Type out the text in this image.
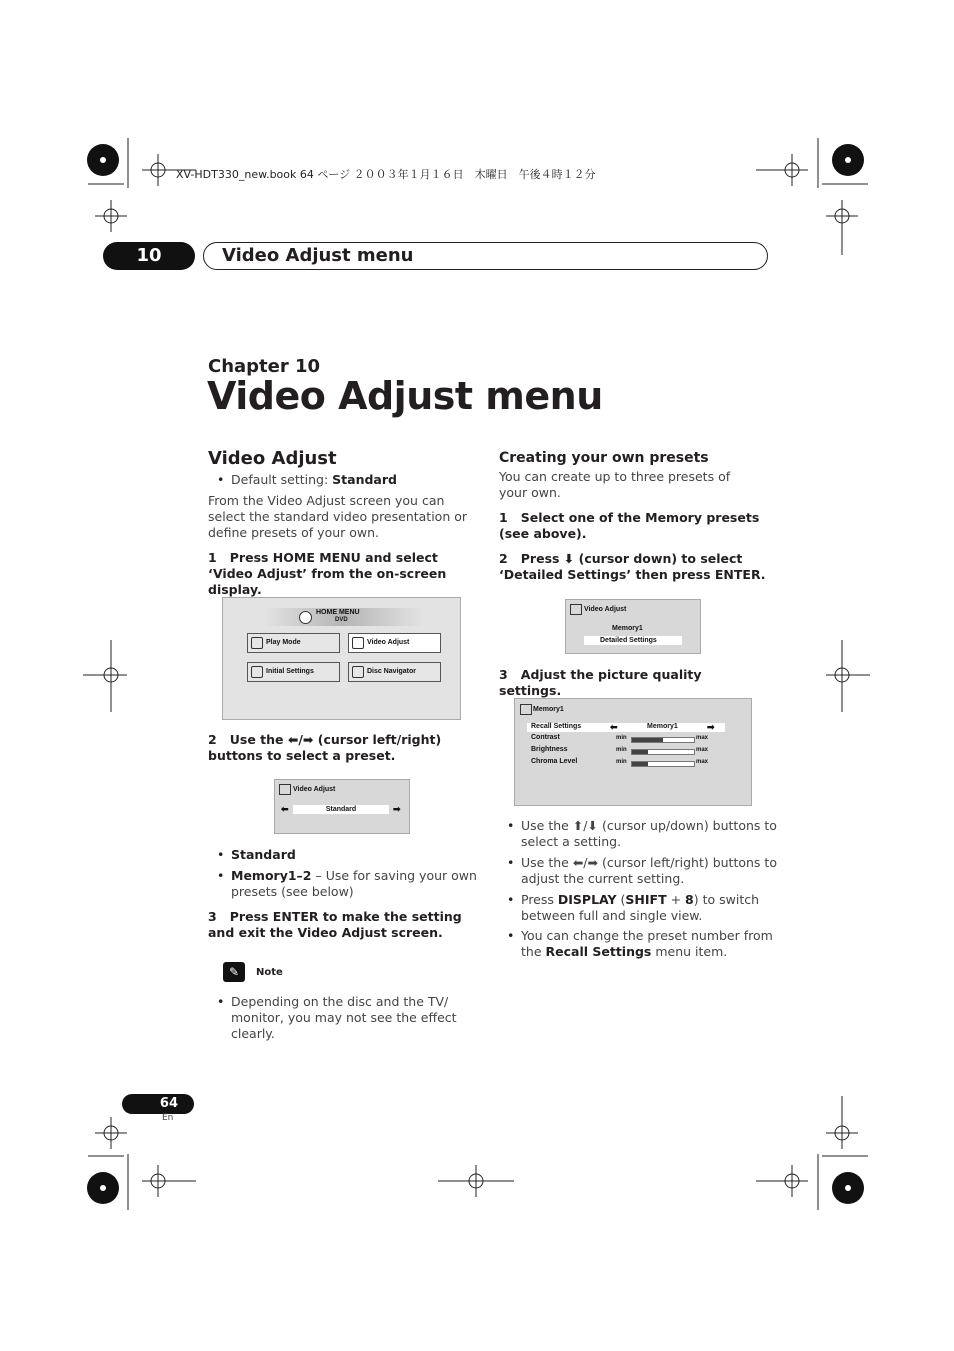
XV-HDT330_new.book 64 ページ ２００３年１月１６日　木曜日　午後４時１２分
10	Video Adjust menu
Chapter 10
Video Adjust menu
Video Adjust
• Default setting: Standard
From the Video Adjust screen you can select the standard video presentation or define presets of your own.
1 Press HOME MENU and select ‘Video Adjust’ from the on-screen display.
HOME MENU
DVD
Play Mode	Video Adjust
Initial Settings	Disc Navigator
2 Use the ⬅/➡ (cursor left/right)
buttons to select a preset.
Video Adjust
⬅	Standard	➡
• Standard
• Memory1–2 – Use for saving your own presets (see below)
3 Press ENTER to make the setting and exit the Video Adjust screen.
✎	Note
• Depending on the disc and the TV/ monitor, you may not see the effect clearly.
Creating your own presets
You can create up to three presets of your own.
1 Select one of the Memory presets (see above).
2 Press ⬇ (cursor down) to select ‘Detailed Settings’ then press ENTER.
Video Adjust
Memory1
Detailed Settings
3 Adjust the picture quality settings.
Memory1
Recall Settings	⬅	Memory1	➡
Contrast	min	max
Brightness	min	max
Chroma Level	min	max
• Use the ⬆/⬇ (cursor up/down) buttons to select a setting.
• Use the ⬅/➡ (cursor left/right) buttons to adjust the current setting.
• Press DISPLAY (SHIFT + 8) to switch between full and single view.
• You can change the preset number from the Recall Settings menu item.
64
En
